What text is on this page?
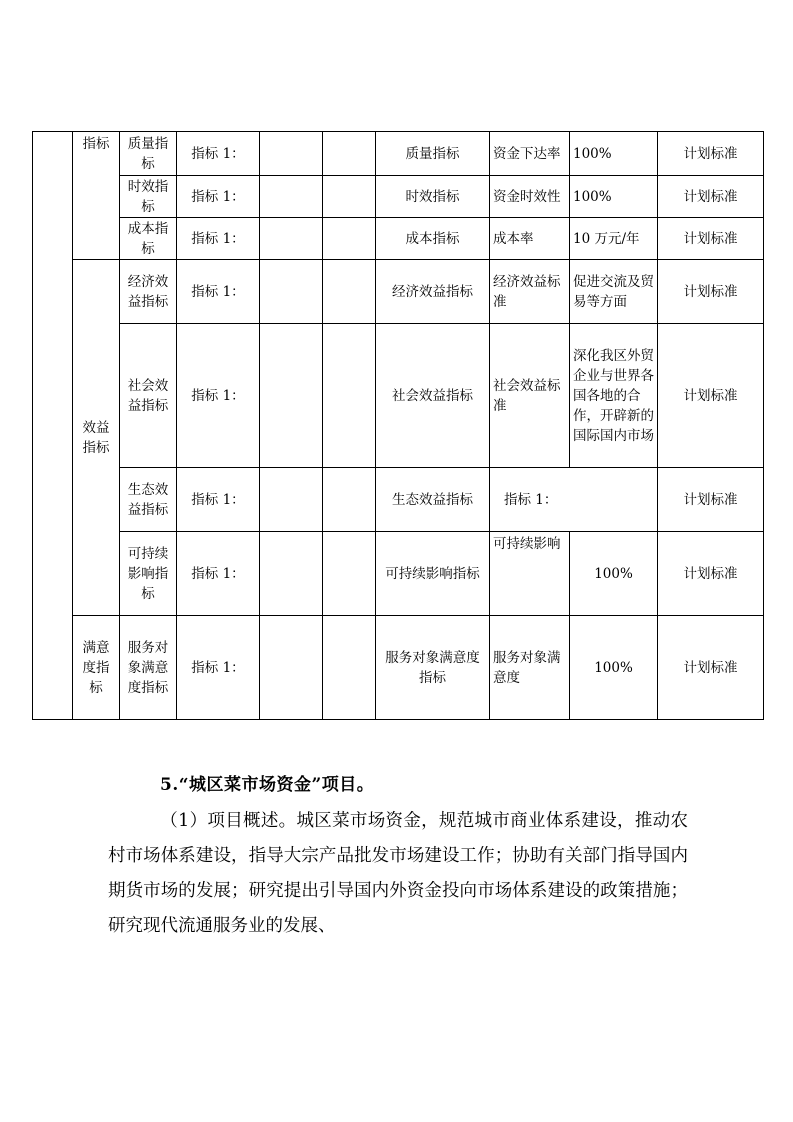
	指标	质量指标	指标 1：			质量指标	资金下达率	100%	计划标准
		时效指标	指标 1：			时效指标	资金时效性	100%	计划标准
		成本指标	指标 1：			成本指标	成本率	10 万元/年	计划标准
	效益指标	经济效益指标	指标 1：			经济效益指标	经济效益标准	促进交流及贸易等方面	计划标准
		社会效益指标	指标 1：			社会效益指标	社会效益标准	深化我区外贸企业与世界各国各地的合作，开辟新的国际国内市场	计划标准
		生态效益指标	指标 1：			生态效益指标	指标 1：		计划标准
		可持续影响指标	指标 1：			可持续影响指标	可持续影响	100%	计划标准
	满意度指标	服务对象满意度指标	指标 1：			服务对象满意度指标	服务对象满意度	100%	计划标准
5.“城区菜市场资金”项目。
（1）项目概述。城区菜市场资金，规范城市商业体系建设，推动农村市场体系建设，指导大宗产品批发市场建设工作；协助有关部门指导国内期货市场的发展；研究提出引导国内外资金投向市场体系建设的政策措施；研究现代流通服务业的发展、
